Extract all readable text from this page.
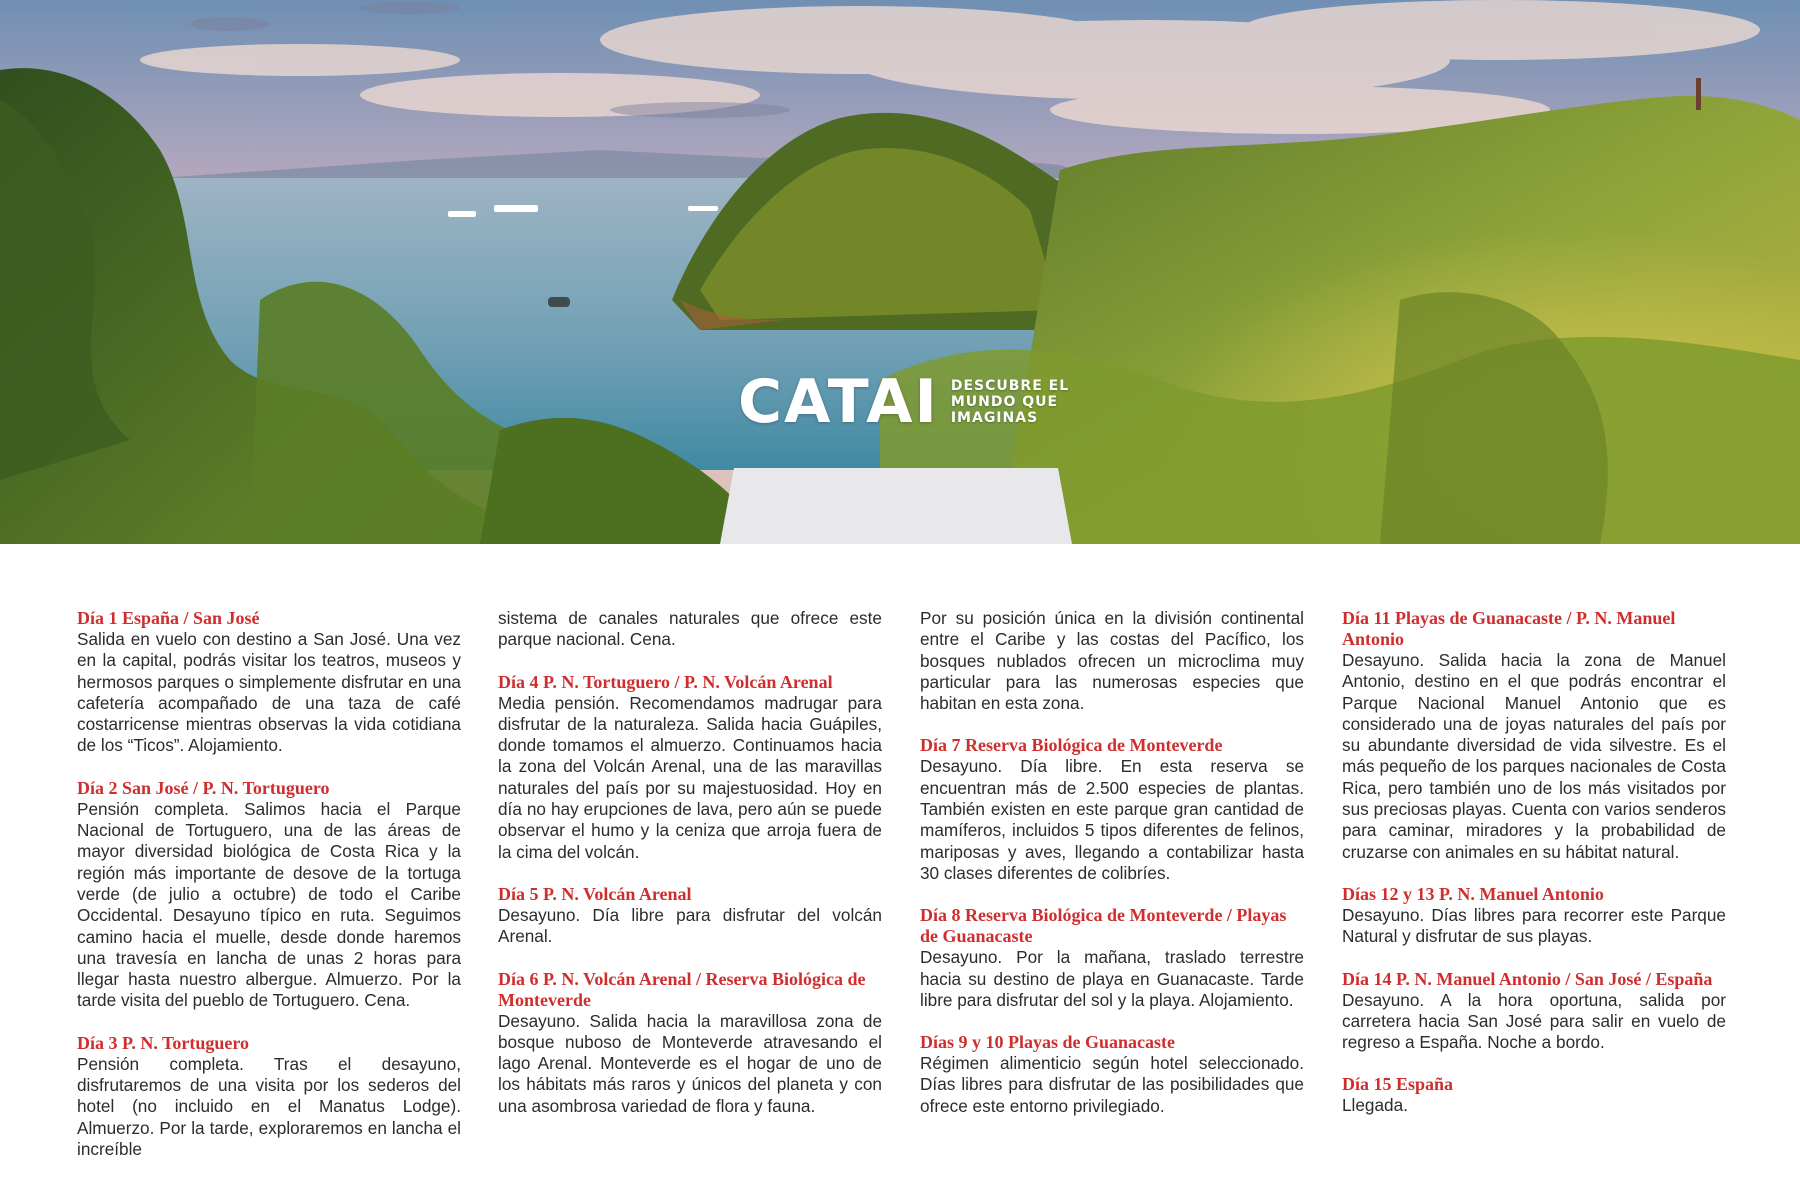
CATAI DESCUBRE EL
MUNDO QUE
IMAGINAS

Día 1 España / San José

Salida en vuelo con destino a San José. Una vez en la capital, podrás visitar los teatros, museos y hermosos parques o simplemente disfrutar en una cafetería acompañado de una taza de café costarricense mientras observas la vida cotidiana de los “Ticos”. Alojamiento.

Día 2 San José / P. N. Tortuguero

Pensión completa. Salimos hacia el Parque Nacional de Tortuguero, una de las áreas de mayor diversidad biológica de Costa Rica y la región más importante de desove de la tortuga verde (de julio a octubre) de todo el Caribe Occidental. Desayuno típico en ruta. Seguimos camino hacia el muelle, desde donde haremos una travesía en lancha de unas 2 horas para llegar hasta nuestro albergue. Almuerzo. Por la tarde visita del pueblo de Tortuguero. Cena.

Día 3 P. N. Tortuguero

Pensión completa. Tras el desayuno, disfrutaremos de una visita por los sederos del hotel (no incluido en el Manatus Lodge). Almuerzo. Por la tarde, exploraremos en lancha el increíble

sistema de canales naturales que ofrece este parque nacional. Cena.

Día 4 P. N. Tortuguero / P. N. Volcán Arenal

Media pensión. Recomendamos madrugar para disfrutar de la naturaleza. Salida hacia Guápiles, donde tomamos el almuerzo. Continuamos hacia la zona del Volcán Arenal, una de las maravillas naturales del país por su majestuosidad. Hoy en día no hay erupciones de lava, pero aún se puede observar el humo y la ceniza que arroja fuera de la cima del volcán.

Día 5 P. N. Volcán Arenal

Desayuno. Día libre para disfrutar del volcán Arenal.

Día 6 P. N. Volcán Arenal / Reserva Biológica de Monteverde

Desayuno. Salida hacia la maravillosa zona de bosque nuboso de Monteverde atravesando el lago Arenal. Monteverde es el hogar de uno de los hábitats más raros y únicos del planeta y con una asombrosa variedad de flora y fauna.

Por su posición única en la división continental entre el Caribe y las costas del Pacífico, los bosques nublados ofrecen un microclima muy particular para las numerosas especies que habitan en esta zona.

Día 7 Reserva Biológica de Monteverde

Desayuno. Día libre. En esta reserva se encuentran más de 2.500 especies de plantas. También existen en este parque gran cantidad de mamíferos, incluidos 5 tipos diferentes de felinos, mariposas y aves, llegando a contabilizar hasta 30 clases diferentes de colibríes.

Día 8 Reserva Biológica de Monteverde / Playas de Guanacaste

Desayuno. Por la mañana, traslado terrestre hacia su destino de playa en Guanacaste. Tarde libre para disfrutar del sol y la playa. Alojamiento.

Días 9 y 10 Playas de Guanacaste

Régimen alimenticio según hotel seleccionado. Días libres para disfrutar de las posibilidades que ofrece este entorno privilegiado.

Día 11 Playas de Guanacaste / P. N. Manuel Antonio

Desayuno. Salida hacia la zona de Manuel Antonio, destino en el que podrás encontrar el Parque Nacional Manuel Antonio que es considerado una de joyas naturales del país por su abundante diversidad de vida silvestre. Es el más pequeño de los parques nacionales de Costa Rica, pero también uno de los más visitados por sus preciosas playas. Cuenta con varios senderos para caminar, miradores y la probabilidad de cruzarse con animales en su hábitat natural.

Días 12 y 13 P. N. Manuel Antonio

Desayuno. Días libres para recorrer este Parque Natural y disfrutar de sus playas.

Día 14 P. N. Manuel Antonio / San José / España

Desayuno. A la hora oportuna, salida por carretera hacia San José para salir en vuelo de regreso a España. Noche a bordo.

Día 15 España

Llegada.
